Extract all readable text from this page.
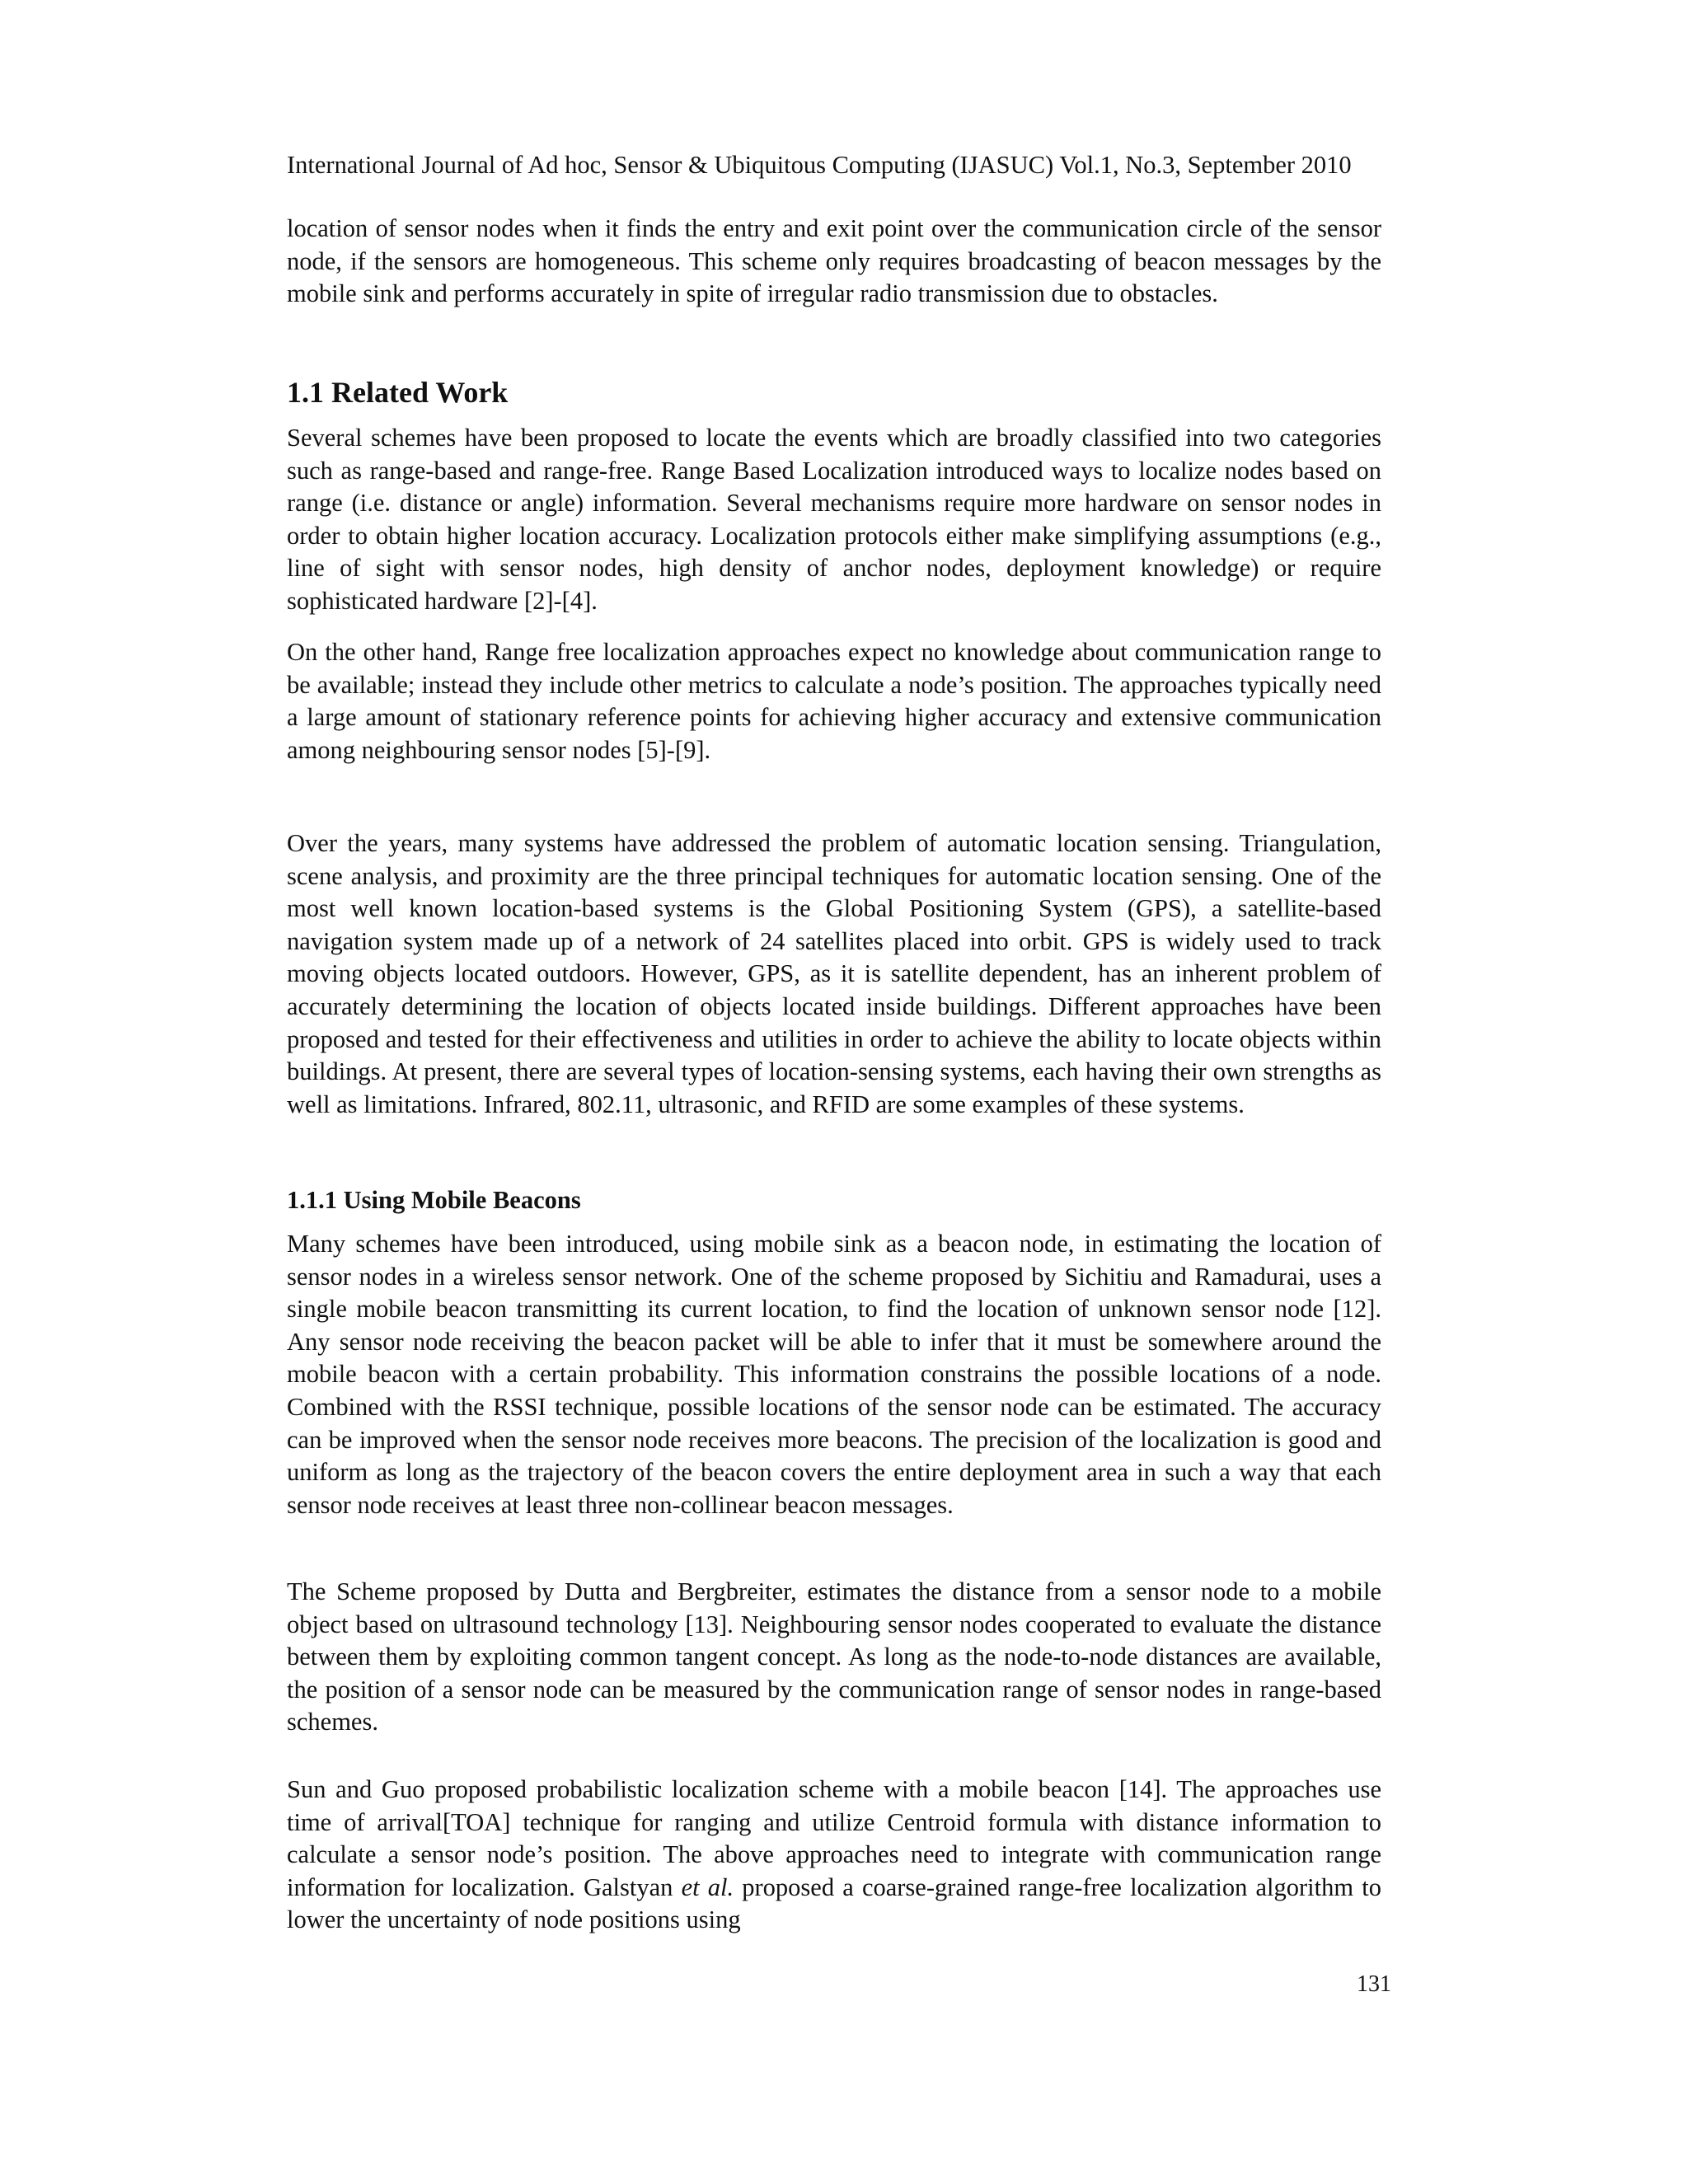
International Journal of Ad hoc, Sensor & Ubiquitous Computing (IJASUC) Vol.1, No.3, September 2010

location of sensor nodes when it finds the entry and exit point over the communication circle of the sensor node, if the sensors are homogeneous. This scheme only requires broadcasting of beacon messages by the mobile sink and performs accurately in spite of irregular radio transmission due to obstacles.

1.1 Related Work

Several schemes have been proposed to locate the events which are broadly classified into two categories such as range-based and range-free. Range Based Localization introduced ways to localize nodes based on range (i.e. distance or angle) information. Several mechanisms require more hardware on sensor nodes in order to obtain higher location accuracy. Localization protocols either make simplifying assumptions (e.g., line of sight with sensor nodes, high density of anchor nodes, deployment knowledge) or require sophisticated hardware [2]-[4].

On the other hand, Range free localization approaches expect no knowledge about communication range to be available; instead they include other metrics to calculate a node’s position. The approaches typically need a large amount of stationary reference points for achieving higher accuracy and extensive communication among neighbouring sensor nodes [5]-[9].

Over the years, many systems have addressed the problem of automatic location sensing. Triangulation, scene analysis, and proximity are the three principal techniques for automatic location sensing. One of the most well known location-based systems is the Global Positioning System (GPS), a satellite-based navigation system made up of a network of 24 satellites placed into orbit. GPS is widely used to track moving objects located outdoors. However, GPS, as it is satellite dependent, has an inherent problem of accurately determining the location of objects located inside buildings. Different approaches have been proposed and tested for their effectiveness and utilities in order to achieve the ability to locate objects within buildings. At present, there are several types of location-sensing systems, each having their own strengths as well as limitations. Infrared, 802.11, ultrasonic, and RFID are some examples of these systems.

1.1.1 Using Mobile Beacons

Many schemes have been introduced, using mobile sink as a beacon node, in estimating the location of sensor nodes in a wireless sensor network. One of the scheme proposed by Sichitiu and Ramadurai, uses a single mobile beacon transmitting its current location, to find the location of unknown sensor node [12]. Any sensor node receiving the beacon packet will be able to infer that it must be somewhere around the mobile beacon with a certain probability. This information constrains the possible locations of a node. Combined with the RSSI technique, possible locations of the sensor node can be estimated. The accuracy can be improved when the sensor node receives more beacons. The precision of the localization is good and uniform as long as the trajectory of the beacon covers the entire deployment area in such a way that each sensor node receives at least three non-collinear beacon messages.

The Scheme proposed by Dutta and Bergbreiter, estimates the distance from a sensor node to a mobile object based on ultrasound technology [13]. Neighbouring sensor nodes cooperated to evaluate the distance between them by exploiting common tangent concept. As long as the node-to-node distances are available, the position of a sensor node can be measured by the communication range of sensor nodes in range-based schemes.

Sun and Guo proposed probabilistic localization scheme with a mobile beacon [14]. The approaches use time of arrival[TOA] technique for ranging and utilize Centroid formula with distance information to calculate a sensor node’s position. The above approaches need to integrate with communication range information for localization. Galstyan et al. proposed a coarse-grained range-free localization algorithm to lower the uncertainty of node positions using

131
